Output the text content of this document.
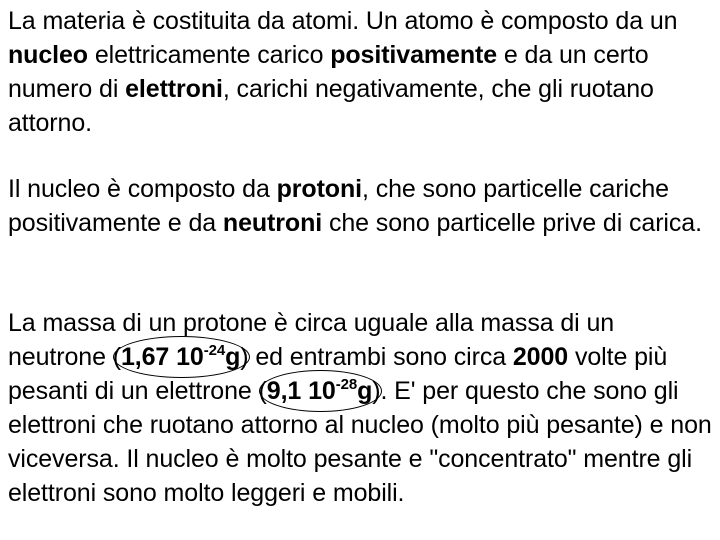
La materia è costituita da atomi. Un atomo è composto da un nucleo elettricamente carico positivamente e da un certo numero di elettroni, carichi negativamente, che gli ruotano attorno.

Il nucleo è composto da protoni, che sono particelle cariche positivamente e da neutroni che sono particelle prive di carica.

La massa di un protone è circa uguale alla massa di un neutrone (
1,67 $10^{-24}g$) ed entrambi sono circa 2000 volte più pesanti di un elettrone (
9,1 $10^{-28}g$). E' per questo che sono gli elettroni che ruotano attorno al nucleo (molto più pesante) e non viceversa. Il nucleo è molto pesante e "concentrato" mentre gli elettroni sono molto leggeri e mobili.
